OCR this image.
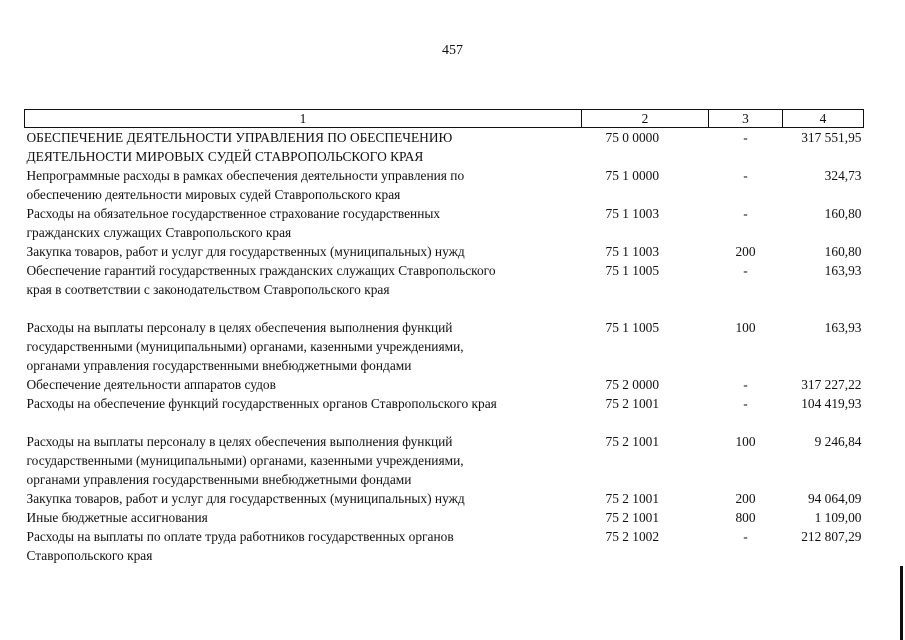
457
1	2	3	4
ОБЕСПЕЧЕНИЕ ДЕЯТЕЛЬНОСТИ УПРАВЛЕНИЯ ПО ОБЕСПЕЧЕНИЮ
ДЕЯТЕЛЬНОСТИ МИРОВЫХ СУДЕЙ СТАВРОПОЛЬСКОГО КРАЯ	75 0 0000	-	317 551,95
Непрограммные расходы в рамках обеспечения деятельности управления по
обеспечению деятельности мировых судей Ставропольского края	75 1 0000	-	324,73
Расходы на обязательное государственное страхование государственных
гражданских служащих Ставропольского края	75 1 1003	-	160,80
Закупка товаров, работ и услуг для государственных (муниципальных) нужд	75 1 1003	200	160,80
Обеспечение гарантий государственных гражданских служащих Ставропольского
края в соответствии с законодательством Ставропольского края	75 1 1005	-	163,93
Расходы на выплаты персоналу в целях обеспечения выполнения функций
государственными (муниципальными) органами, казенными учреждениями,
органами управления государственными внебюджетными фондами	75 1 1005	100	163,93
Обеспечение деятельности аппаратов судов	75 2 0000	-	317 227,22
Расходы на обеспечение функций государственных органов Ставропольского края	75 2 1001	-	104 419,93
Расходы на выплаты персоналу в целях обеспечения выполнения функций
государственными (муниципальными) органами, казенными учреждениями,
органами управления государственными внебюджетными фондами	75 2 1001	100	9 246,84
Закупка товаров, работ и услуг для государственных (муниципальных) нужд	75 2 1001	200	94 064,09
Иные бюджетные ассигнования	75 2 1001	800	1 109,00
Расходы на выплаты по оплате труда работников государственных органов
Ставропольского края	75 2 1002	-	212 807,29
